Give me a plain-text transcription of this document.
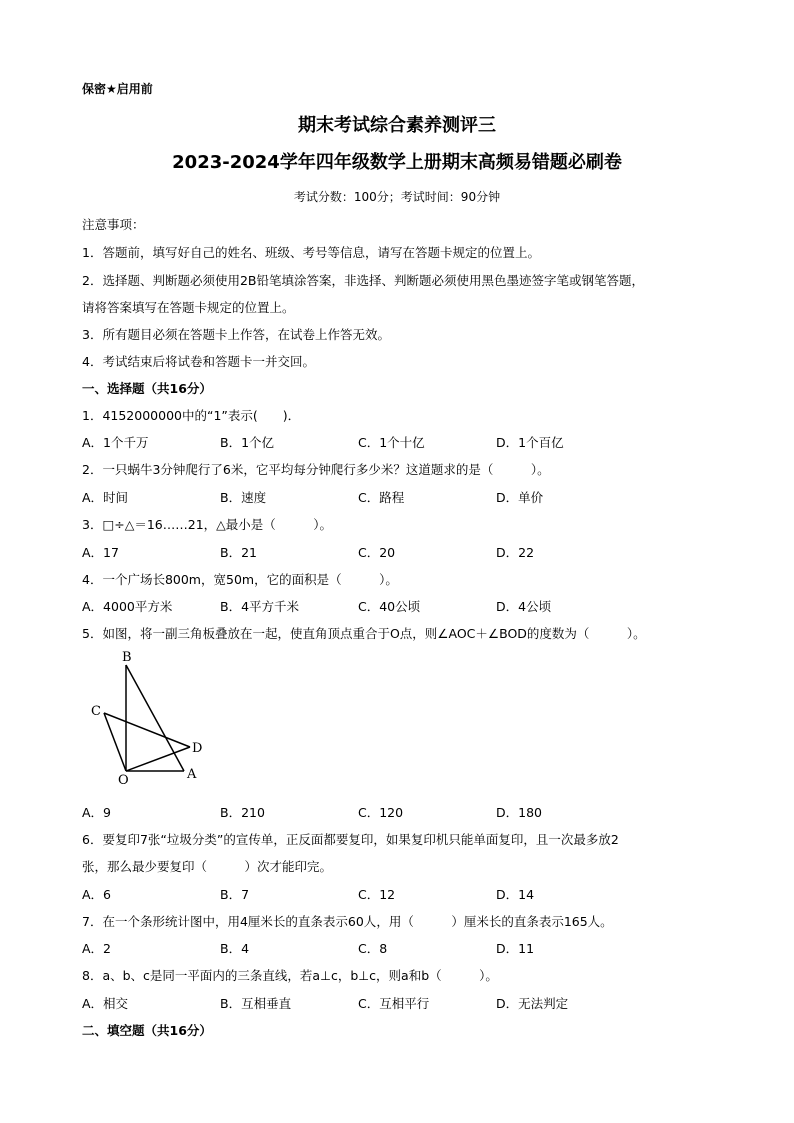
保密★启用前
期末考试综合素养测评三
2023-2024学年四年级数学上册期末高频易错题必刷卷
考试分数：100分；考试时间：90分钟
注意事项：
1．答题前，填写好自己的姓名、班级、考号等信息，请写在答题卡规定的位置上。
2．选择题、判断题必须使用2B铅笔填涂答案，非选择、判断题必须使用黑色墨迹签字笔或钢笔答题，
请将答案填写在答题卡规定的位置上。
3．所有题目必须在答题卡上作答，在试卷上作答无效。
4．考试结束后将试卷和答题卡一并交回。
一、选择题（共16分）
1．4152000000中的“1”表示(　　)．
A．1个千万	B．1个亿	C．1个十亿	D．1个百亿
2．一只蜗牛3分钟爬行了6米，它平均每分钟爬行多少米？这道题求的是（　　　）。
A．时间	B．速度	C．路程	D．单价
3．□÷△＝16……21，△最小是（　　　）。
A．17	B．21	C．20	D．22
4．一个广场长800m，宽50m，它的面积是（　　　）。
A．4000平方米	B．4平方千米	C．40公顷	D．4公顷
5．如图，将一副三角板叠放在一起，使直角顶点重合于O点，则∠AOC＋∠BOD的度数为（　　　）。
B
C
D
O	A
A．9	B．210	C．120	D．180
6．要复印7张“垃圾分类”的宣传单，正反面都要复印，如果复印机只能单面复印，且一次最多放2
张，那么最少要复印（　　　）次才能印完。
A．6	B．7	C．12	D．14
7．在一个条形统计图中，用4厘米长的直条表示60人，用（　　　）厘米长的直条表示165人。
A．2	B．4	C．8	D．11
8．a、b、c是同一平面内的三条直线，若a⊥c，b⊥c，则a和b（　　　）。
A．相交	B．互相垂直	C．互相平行	D．无法判定
二、填空题（共16分）
